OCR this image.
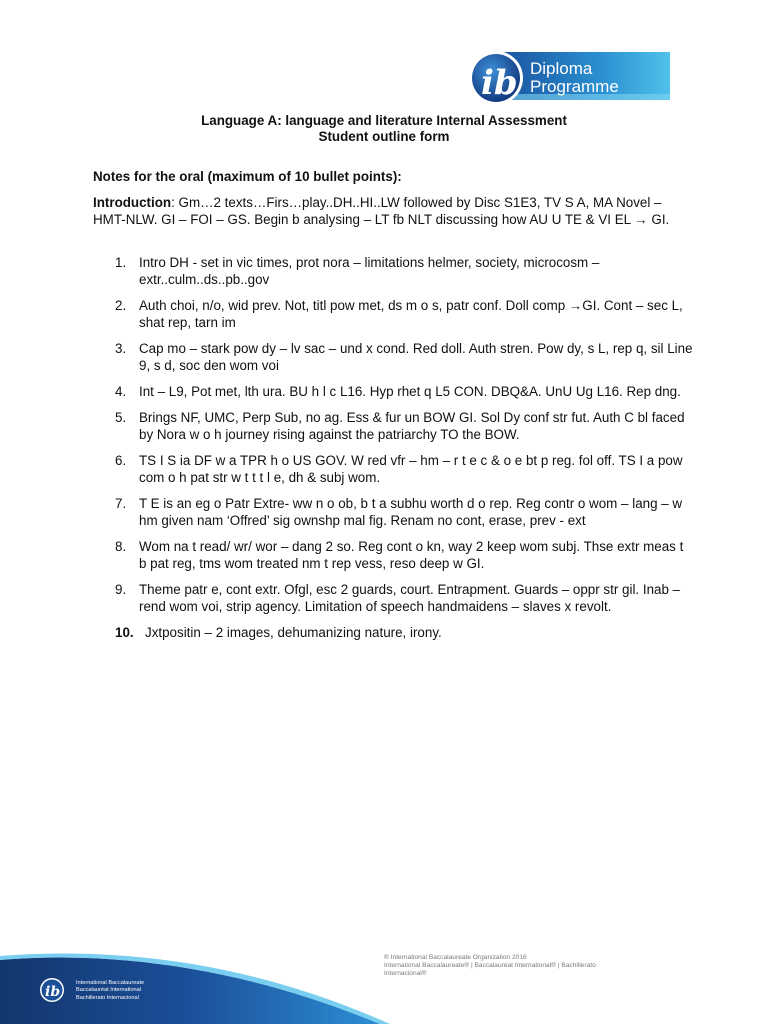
ib Diploma
Programme
Language A: language and literature Internal Assessment
Student outline form
Notes for the oral (maximum of 10 bullet points):
Introduction: Gm…2 texts…Firs…play..DH..HI..LW followed by Disc S1E3, TV S A, MA Novel – HMT-NLW. GI – FOI – GS. Begin b analysing – LT fb NLT discussing how AU U TE & VI EL → GI.
1. Intro DH - set in vic times, prot nora – limitations helmer, society, microcosm – extr..culm..ds..pb..gov
2. Auth choi, n/o, wid prev. Not, titl pow met, ds m o s, patr conf. Doll comp →GI. Cont – sec L, shat rep, tarn im
3. Cap mo – stark pow dy – lv sac – und x cond. Red doll. Auth stren. Pow dy, s L, rep q, sil Line 9, s d, soc den wom voi
4. Int – L9, Pot met, lth ura. BU h l c L16. Hyp rhet q L5 CON. DBQ&A. UnU Ug L16. Rep dng.
5. Brings NF, UMC, Perp Sub, no ag. Ess & fur un BOW GI. Sol Dy conf str fut. Auth C bl faced by Nora w o h journey rising against the patriarchy TO the BOW.
6. TS I S ia DF w a TPR h o US GOV. W red vfr – hm – r t e c & o e bt p reg. fol off. TS I a pow com o h pat str w t t t l e, dh & subj wom.
7. T E is an eg o Patr Extre- ww n o ob, b t a subhu worth d o rep. Reg contr o wom – lang – w hm given nam ‘Offred’ sig ownshp mal fig. Renam no cont, erase, prev - ext
8. Wom na t read/ wr/ wor – dang 2 so. Reg cont o kn, way 2 keep wom subj. Thse extr meas t b pat reg, tms wom treated nm t rep vess, reso deep w GI.
9. Theme patr e, cont extr. Ofgl, esc 2 guards, court. Entrapment. Guards – oppr str gil. Inab – rend wom voi, strip agency. Limitation of speech handmaidens – slaves x revolt.
10. Jxtpositin – 2 images, dehumanizing nature, irony.
ib
International Baccalaureate
Baccalauréat International
Bachillerato Internacional
® International Baccalaureate Organization 2016
International Baccalaureate® | Baccalauréat International® | Bachillerato
Internacional®
